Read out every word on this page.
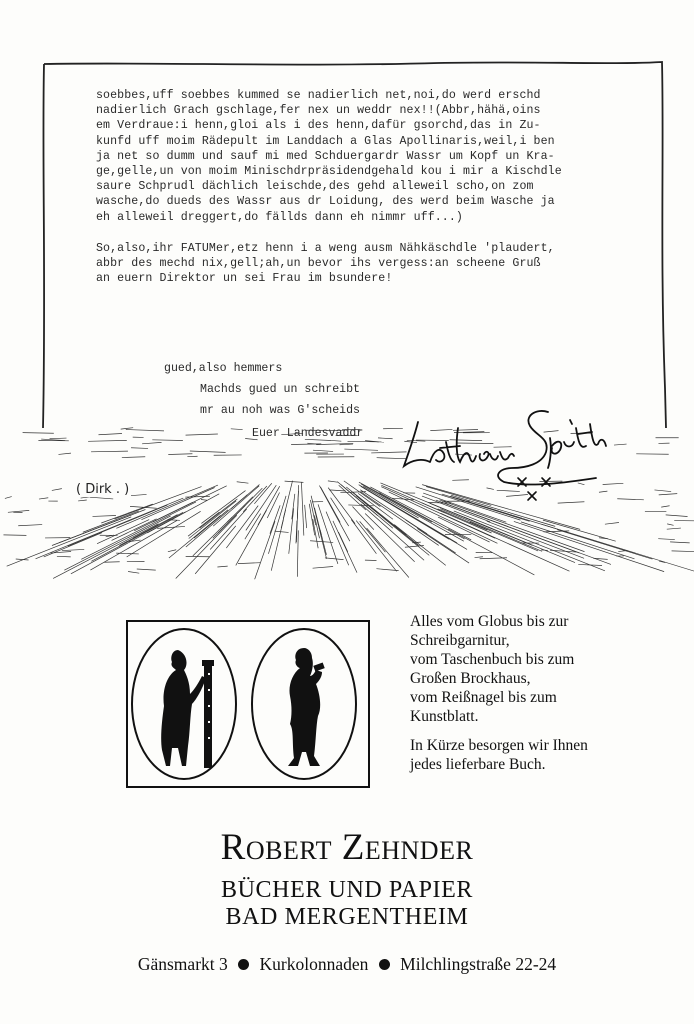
soebbes,uff soebbes kummed se nadierlich net,noi,do werd erschd
nadierlich Grach gschlage,fer nex un weddr nex!!(Abbr,hähä,oins
em Verdraue:i henn,gloi als i des henn,dafür gsorchd,das in Zu-
kunfd uff moim Rädepult im Landdach a Glas Apollinaris,weil,i ben
ja net so dumm und sauf mi med Schduergardr Wassr um Kopf un Kra-
ge,gelle,un von moim Minischdrpräsidendgehald kou i mir a Kischdle
saure Schprudl dächlich leischde,des gehd alleweil scho,on zom
wasche,do dueds des Wassr aus dr Loidung, des werd beim Wasche ja
eh alleweil dreggert,do fällds dann eh nimmr uff...)

So,also,ihr FATUMer,etz henn i a weng ausm Nähkäschdle 'plaudert,
abbr des mechd nix,gell;ah,un bevor ihs vergess:an scheene Gruß
an euern Direktor un sei Frau im bsundere!

gued,also hemmers
Machds gued un schreibt
mr au noh was G'scheids
Euer Landesvaddr
( Dirk . )

Alles vom Globus bis zur
Schreibgarnitur,
vom Taschenbuch bis zum
Großen Brockhaus,
vom Reißnagel bis zum
Kunstblatt.

In Kürze besorgen wir Ihnen
jedes lieferbare Buch.

Robert Zehnder
BÜCHER UND PAPIER
BAD MERGENTHEIM
Gänsmarkt 3 Kurkolonnaden Milchlingstraße 22-24
